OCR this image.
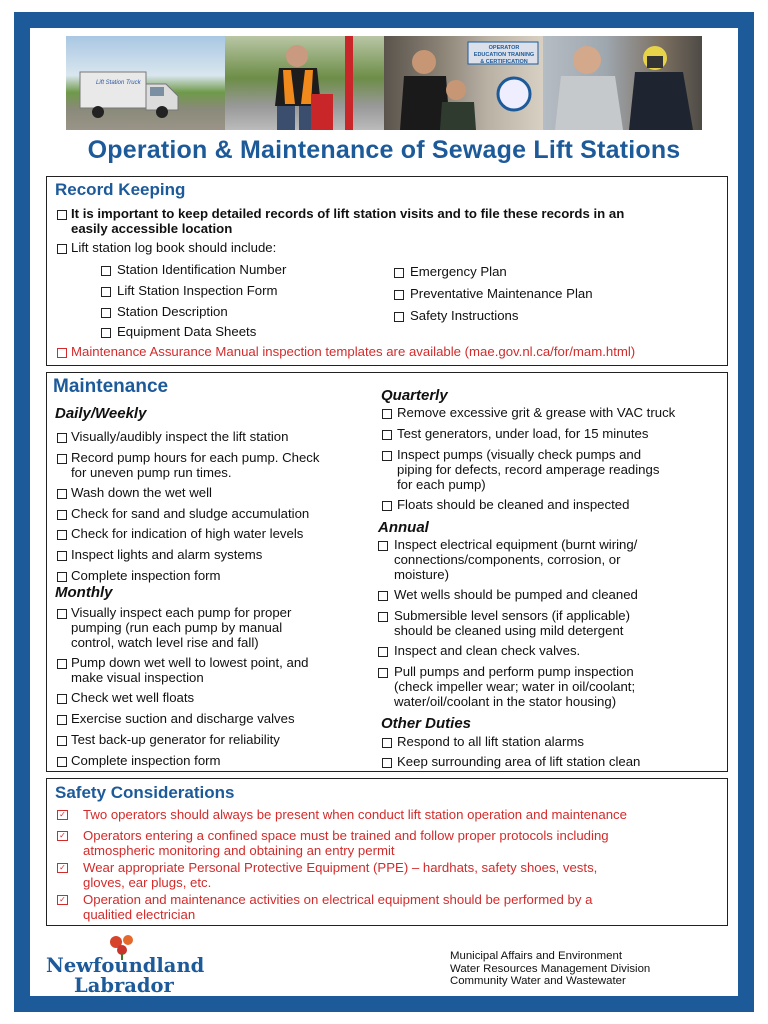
Lift Station Truck
OPERATOR EDUCATION TRAINING & CERTIFICATION
Operation & Maintenance of Sewage Lift Stations
Record Keeping
It is important to keep detailed records of lift station visits and to file these records in an
easily accessible location
Lift station log book should include:
Station Identification Number
Lift Station Inspection Form
Station Description
Equipment Data Sheets
Emergency Plan
Preventative Maintenance Plan
Safety Instructions
Maintenance Assurance Manual inspection templates are available (mae.gov.nl.ca/for/mam.html)
Maintenance
Daily/Weekly
Visually/audibly inspect the lift station
Record pump hours for each pump. Check
for uneven pump run times.
Wash down the wet well
Check for sand and sludge accumulation
Check for indication of high water levels
Inspect lights and alarm systems
Complete inspection form
Monthly
Visually inspect each pump for proper
pumping (run each pump by manual
control, watch level rise and fall)
Pump down wet well to lowest point, and
make visual inspection
Check wet well floats
Exercise suction and discharge valves
Test back-up generator for reliability
Complete inspection form
Quarterly
Remove excessive grit & grease with VAC truck
Test generators, under load, for 15 minutes
Inspect pumps (visually check pumps and
piping for defects, record amperage readings
for each pump)
Floats should be cleaned and inspected
Annual
Inspect electrical equipment (burnt wiring/
connections/components, corrosion, or
moisture)
Wet wells should be pumped and cleaned
Submersible level sensors (if applicable)
should be cleaned using mild detergent
Inspect and clean check valves.
Pull pumps and perform pump inspection
(check impeller wear; water in oil/coolant;
water/oil/coolant in the stator housing)
Other Duties
Respond to all lift station alarms
Keep surrounding area of lift station clean
Safety Considerations
✓ Two operators should always be present when conduct lift station operation and maintenance
✓ Operators entering a confined space must be trained and follow proper protocols including
atmospheric monitoring and obtaining an entry permit
✓ Wear appropriate Personal Protective Equipment (PPE) – hardhats, safety shoes, vests,
gloves, ear plugs, etc.
✓ Operation and maintenance activities on electrical equipment should be performed by a
qualitied electrician
Newfoundland
Labrador
Municipal Affairs and Environment
Water Resources Management Division
Community Water and Wastewater
